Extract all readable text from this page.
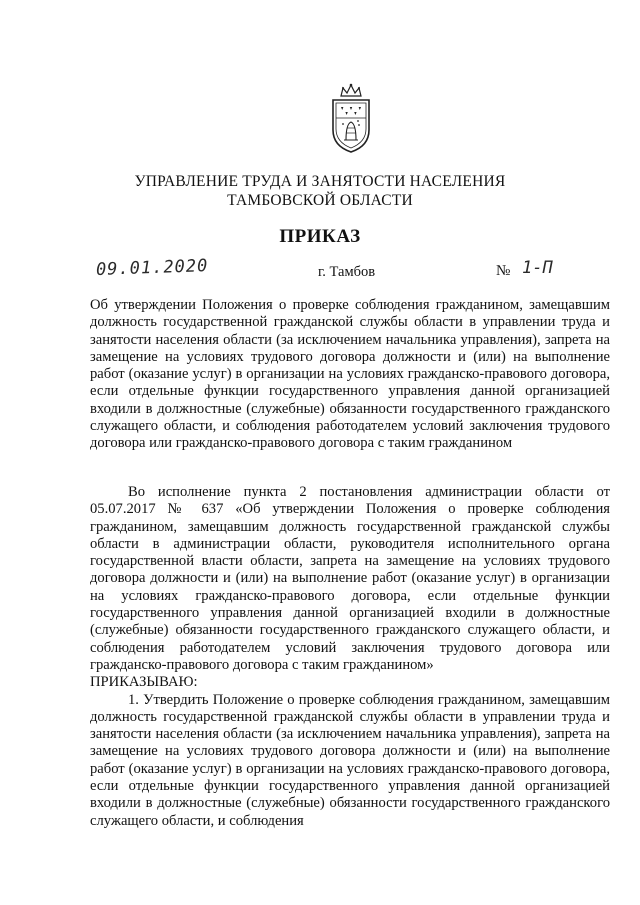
УПРАВЛЕНИЕ ТРУДА И ЗАНЯТОСТИ НАСЕЛЕНИЯ
ТАМБОВСКОЙ ОБЛАСТИ
ПРИКАЗ
09.01.2020	г. Тамбов	№ 1-П
Об утверждении Положения о проверке соблюдения гражданином, замещавшим должность государственной гражданской службы области в управлении труда и занятости населения области (за исключением начальника управления), запрета на замещение на условиях трудового договора должности и (или) на выполнение работ (оказание услуг) в организации на условиях гражданско-правового договора, если отдельные функции государственного управления данной организацией входили в должностные (служебные) обязанности государственного гражданского служащего области, и соблюдения работодателем условий заключения трудового договора или гражданско-правового договора с таким гражданином

Во исполнение пункта 2 постановления администрации области от 05.07.2017 № 637 «Об утверждении Положения о проверке соблюдения гражданином, замещавшим должность государственной гражданской службы области в администрации области, руководителя исполнительного органа государственной власти области, запрета на замещение на условиях трудового договора должности и (или) на выполнение работ (оказание услуг) в организации на условиях гражданско-правового договора, если отдельные функции государственного управления данной организацией входили в должностные (служебные) обязанности государственного гражданского служащего области, и соблюдения работодателем условий заключения трудового договора или гражданско-правового договора с таким гражданином»

ПРИКАЗЫВАЮ:

1. Утвердить Положение о проверке соблюдения гражданином, замещавшим должность государственной гражданской службы области в управлении труда и занятости населения области (за исключением начальника управления), запрета на замещение на условиях трудового договора должности и (или) на выполнение работ (оказание услуг) в организации на условиях гражданско-правового договора, если отдельные функции государственного управления данной организацией входили в должностные (служебные) обязанности государственного гражданского служащего области, и соблюдения
